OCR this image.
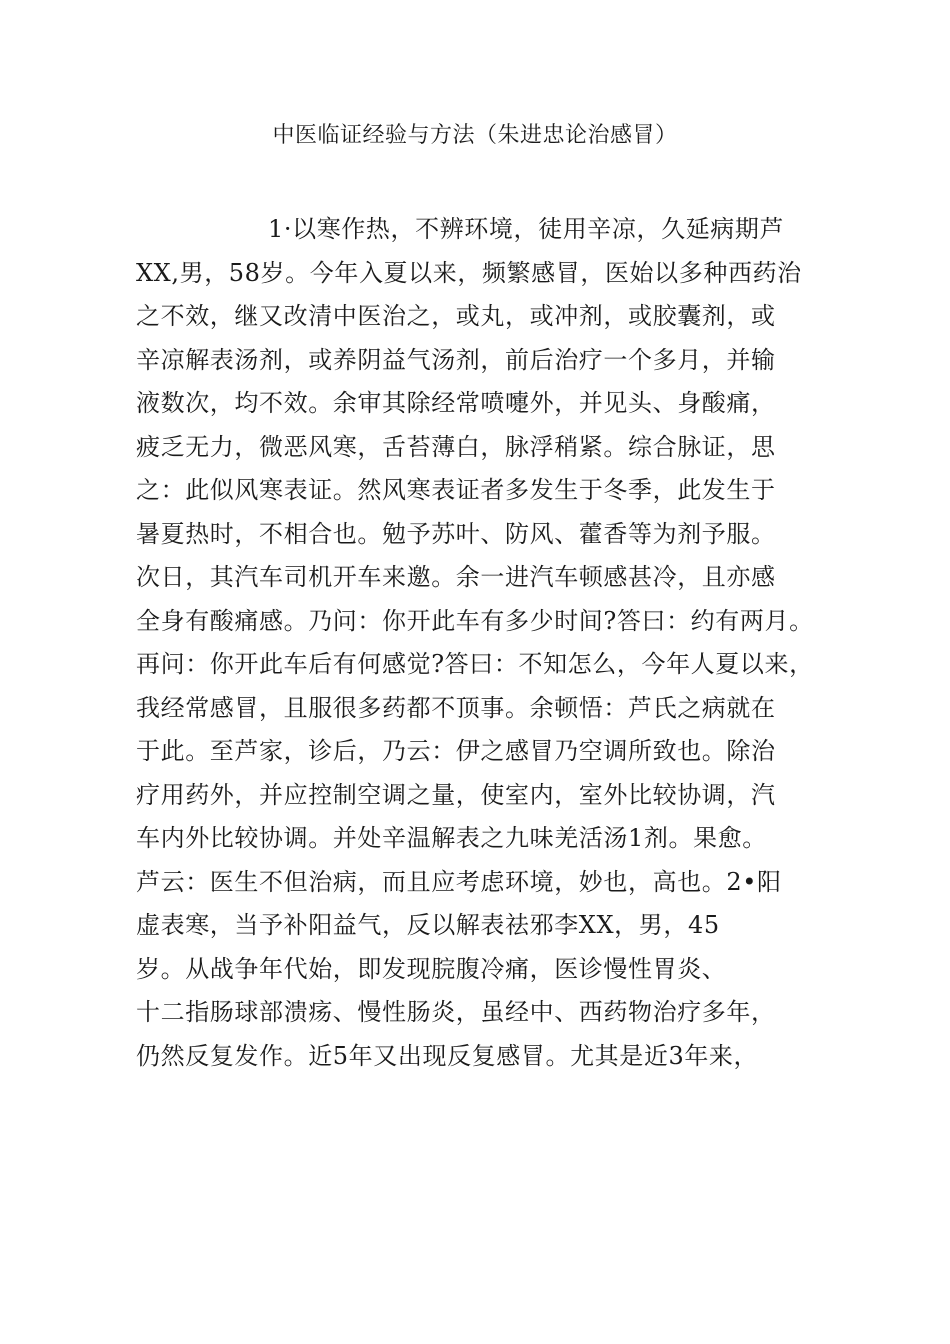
中医临证经验与方法（朱进忠论治感冒）
1·以寒作热，不辨环境，徒用辛凉，久延病期芦
XX,男，58岁。今年入夏以来，频繁感冒，医始以多种西药治
之不效，继又改清中医治之，或丸，或冲剂，或胶囊剂，或
辛凉解表汤剂，或养阴益气汤剂，前后治疗一个多月，并输
液数次，均不效。余审其除经常喷嚏外，并见头、身酸痛，
疲乏无力，微恶风寒，舌苔薄白，脉浮稍紧。综合脉证，思
之：此似风寒表证。然风寒表证者多发生于冬季，此发生于
暑夏热时，不相合也。勉予苏叶、防风、藿香等为剂予服。
次日，其汽车司机开车来邀。余一进汽车顿感甚冷，且亦感
全身有酸痛感。乃问：你开此车有多少时间?答曰：约有两月。
再问：你开此车后有何感觉?答曰：不知怎么，今年人夏以来，
我经常感冒，且服很多药都不顶事。余顿悟：芦氏之病就在
于此。至芦家，诊后，乃云：伊之感冒乃空调所致也。除治
疗用药外，并应控制空调之量，使室内，室外比较协调，汽
车内外比较协调。并处辛温解表之九味羌活汤1剂。果愈。
芦云：医生不但治病，而且应考虑环境，妙也，高也。2•阳
虚表寒，当予补阳益气，反以解表祛邪李XX，男，45
岁。从战争年代始，即发现脘腹冷痛，医诊慢性胃炎、
十二指肠球部溃疡、慢性肠炎，虽经中、西药物治疗多年，
仍然反复发作。近5年又出现反复感冒。尤其是近3年来，
